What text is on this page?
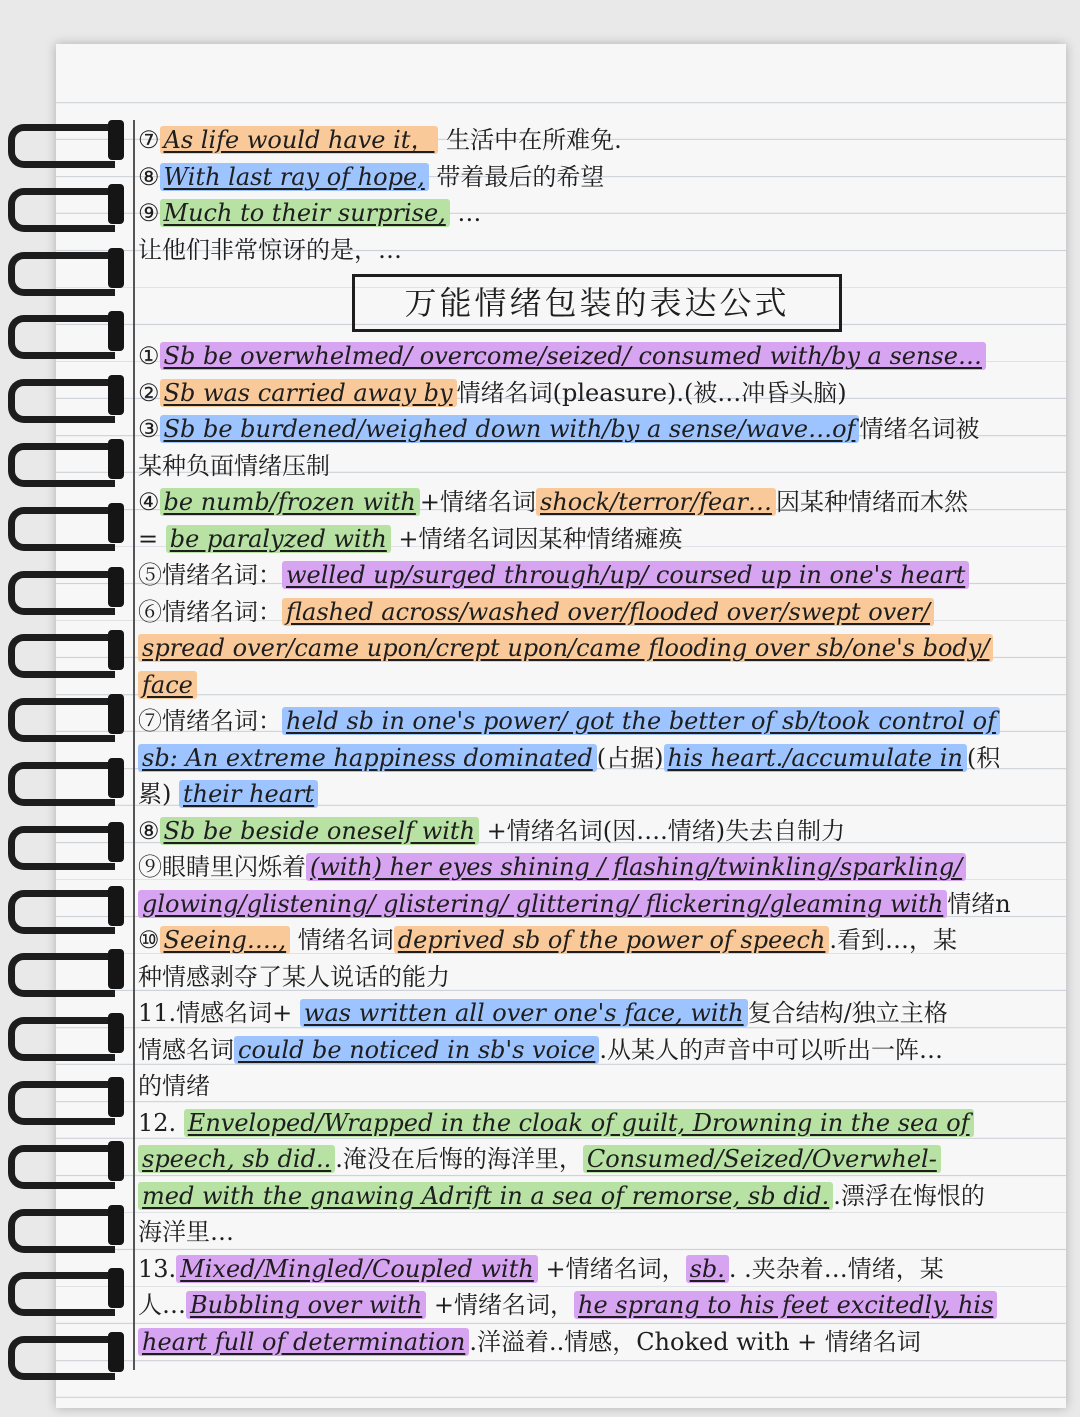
⑦ As life would have it， 生活中在所难免.
⑧ With last ray of hope, 带着最后的希望
⑨ Much to their surprise, …
让他们非常惊讶的是，…
万能情绪包装的表达公式
① Sb be overwhelmed/ overcome/seized/ consumed with/by a sense…
② Sb was carried away by 情绪名词(pleasure).(被…冲昏头脑)
③ Sb be burdened/weighed down with/by a sense/wave…of 情绪名词被
某种负面情绪压制
④ be numb/frozen with +情绪名词 shock/terror/fear… 因某种情绪而木然
= be paralyzed with +情绪名词因某种情绪瘫痪
⑤情绪名词： welled up/surged through/up/ coursed up in one's heart
⑥情绪名词： flashed across/washed over/flooded over/swept over/
spread over/came upon/crept upon/came flooding over sb/one's body/
face
⑦情绪名词： held sb in one's power/ got the better of sb/took control of
sb: An extreme happiness dominated (占据) his heart./accumulate in (积
累) their heart
⑧ Sb be beside oneself with +情绪名词(因….情绪)失去自制力
⑨眼睛里闪烁着 (with) her eyes shining / flashing/twinkling/sparkling/
glowing/glistening/ glistering/ glittering/ flickering/gleaming with 情绪n
⑩ Seeing…., 情绪名词 deprived sb of the power of speech .看到…，某
种情感剥夺了某人说话的能力
11.情感名词+ was written all over one's face, with 复合结构/独立主格
情感名词 could be noticed in sb's voice .从某人的声音中可以听出一阵…
的情绪
12. Enveloped/Wrapped in the cloak of guilt, Drowning in the sea of
speech, sb did.. .淹没在后悔的海洋里， Consumed/Seized/Overwhel-
med with the gnawing Adrift in a sea of remorse, sb did. .漂浮在悔恨的
海洋里…
13. Mixed/Mingled/Coupled with +情绪名词， sb. . .夹杂着…情绪，某
人… Bubbling over with +情绪名词， he sprang to his feet excitedly, his
heart full of determination .洋溢着..情感，Choked with + 情绪名词
